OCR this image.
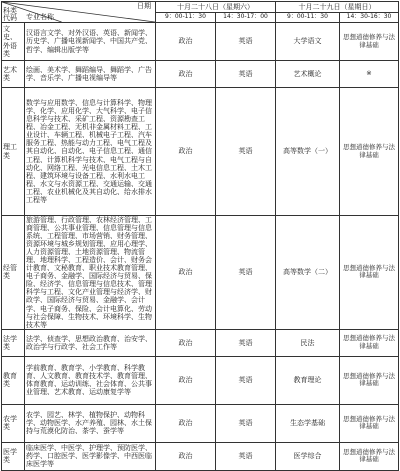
科类
代码 专业名称
日期		十月二十八日（星期六）		十月二十九日（星期日）	
		9：00-11：30	14：30-17：00	9：00-11：30	14：30-16：30
文史、外语类	汉语言文学、对外汉语、英语、新闻学、历史学、广播电视新闻学、中国共产党、哲学、编辑出版学等	政治	英语	大学语文	思想道德修养与法律基础
艺术类	绘画、美术学、舞蹈编导、舞蹈学、广告学、音乐学、广播电视编导等	政治	英语	艺术概论	※
理工类	数学与应用数学、信息与计算科学、物理学、化学、应用化学、大气科学、电子信息科学与技术、采矿工程、资源勘查工程、冶金工程、无机非金属材料工程、工业设计、车辆工程、机械电子工程、汽车服务工程、热能与动力工程、电气工程及其自动化、自动化、电子信息工程、通信工程、计算机科学与技术、电气工程与自动化、网络工程、光电信息工程、土木工程、建筑环境与设备工程、水利水电工程、水文与水资源工程、交通运输、交通工程、农业机械化及其自动化、给水排水工程等	政治	英语	高等数学（一）	思想道德修养与法律基础
经管类	旅游管理、行政管理、农林经济管理、工商管理、公共事业管理、信息管理与信息系统、工程管理、市场营销、财务管理、资源环境与城乡规划管理、应用心理学、人力资源管理、土地资源管理、物流管理、地理科学、工程造价、会计、财务会计教育、文秘教育、职业技术教育管理、电子商务、金融学、国际经济与贸易、保险、经济学、信息管理与信息技术、管理科学与工程、文化产业管理与经济学、财政学、国际经济与贸易、金融学、会计学、电子商务、保险、会计电算化、劳动与社会保障、生物技术、环境科学、生物技术等	政治	英语	高等数学（二）	思想道德修养与法律基础
法学类	法学、侦查学、思想政治教育、治安学、政治学与行政学、社会工作等	政治	英语	民法	思想道德修养与法律基础
教育类	学前教育、教育学、小学教育、科学教育、人文教育、教育技术学、教育管理、体育教育、运动训练、社会体育、公共事业管理、艺术教育、运动康复学等	政治	英语	教育理论	思想道德修养与法律基础
农学类	农学、园艺、林学、植物保护、动物科学、动物医学、水产养殖、园林、水土保持与荒漠化防治、茶学、蚕学等	政治	英语	生态学基础	思想道德修养与法律基础
医学类	临床医学、中医学、护理学、预防医学、药学、口腔医学、医学影像学、中西医临床医学等	政治	英语	医学综合	思想道德修养与法律基础
